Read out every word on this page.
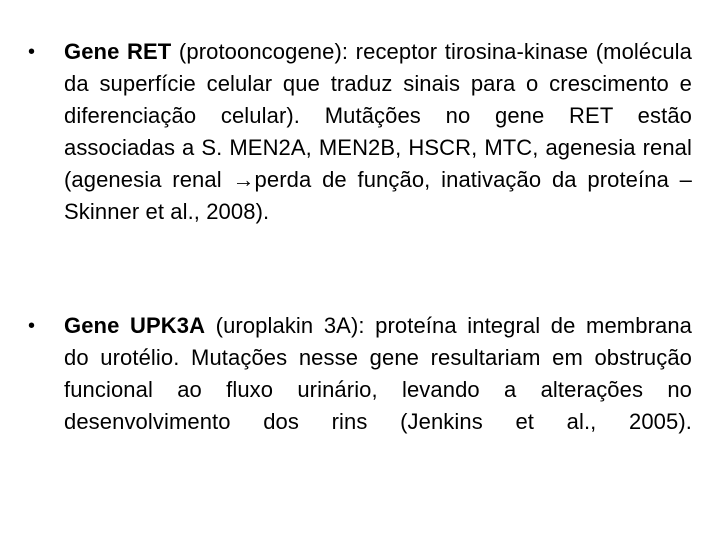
•	Gene RET (protooncogene): receptor tirosina-kinase (molécula da superfície celular que traduz sinais para o crescimento e diferenciação celular). Mutãções no gene RET estão associadas a S. MEN2A, MEN2B, HSCR, MTC, agenesia renal (agenesia renal →perda de função, inativação da proteína – Skinner et al., 2008).
•	Gene UPK3A (uroplakin 3A): proteína integral de membrana do urotélio. Mutações nesse gene resultariam em obstrução funcional ao fluxo urinário, levando a alterações no desenvolvimento dos rins (Jenkins et al., 2005).
